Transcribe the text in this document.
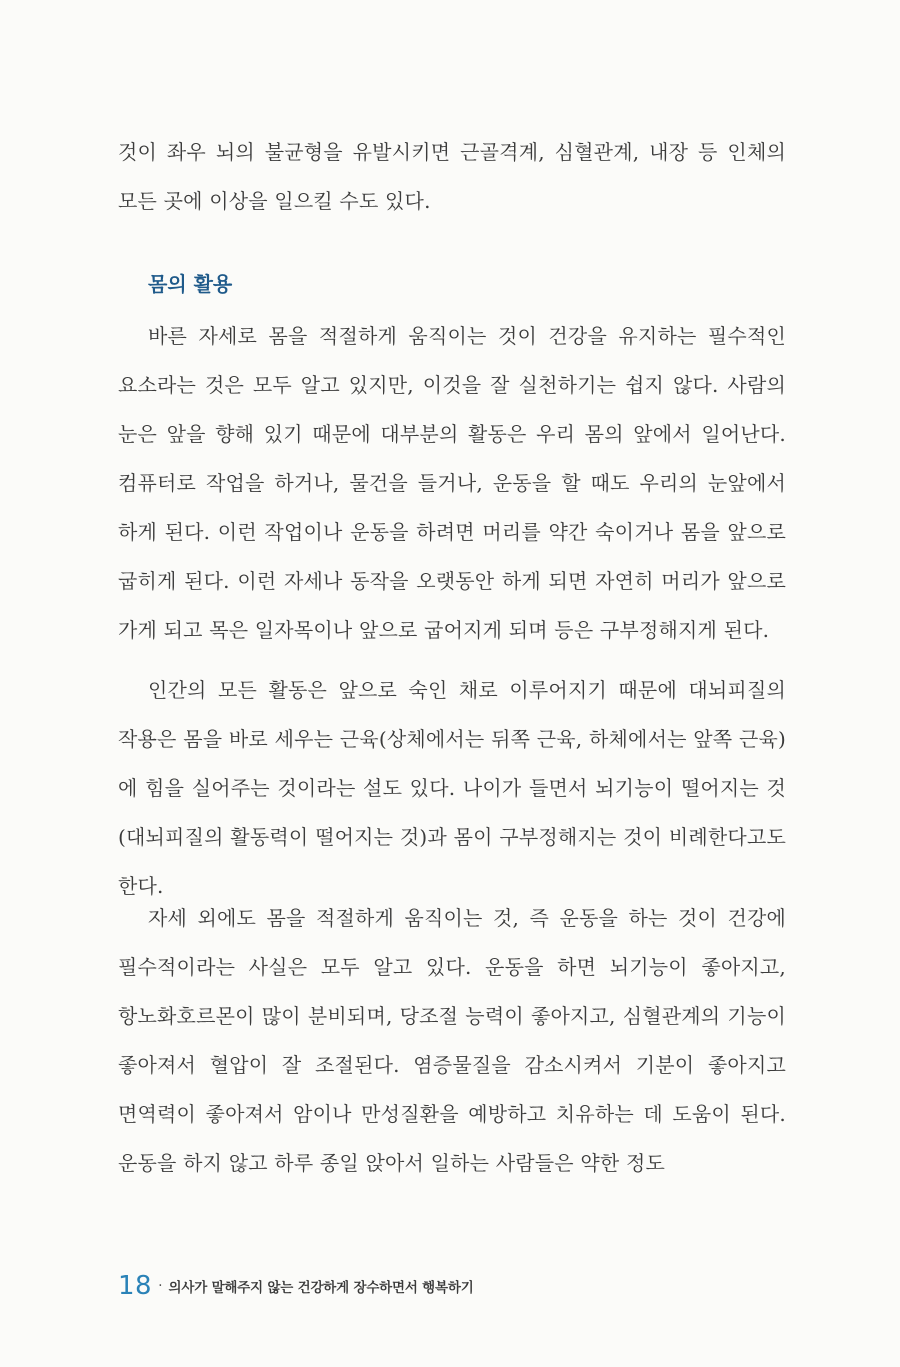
것이 좌우 뇌의 불균형을 유발시키면 근골격계, 심혈관계, 내장 등 인체의 모든 곳에 이상을 일으킬 수도 있다.

몸의 활용

바른 자세로 몸을 적절하게 움직이는 것이 건강을 유지하는 필수적인 요소라는 것은 모두 알고 있지만, 이것을 잘 실천하기는 쉽지 않다. 사람의 눈은 앞을 향해 있기 때문에 대부분의 활동은 우리 몸의 앞에서 일어난다. 컴퓨터로 작업을 하거나, 물건을 들거나, 운동을 할 때도 우리의 눈앞에서 하게 된다. 이런 작업이나 운동을 하려면 머리를 약간 숙이거나 몸을 앞으로 굽히게 된다. 이런 자세나 동작을 오랫동안 하게 되면 자연히 머리가 앞으로 가게 되고 목은 일자목이나 앞으로 굽어지게 되며 등은 구부정해지게 된다.

인간의 모든 활동은 앞으로 숙인 채로 이루어지기 때문에 대뇌피질의 작용은 몸을 바로 세우는 근육(상체에서는 뒤쪽 근육, 하체에서는 앞쪽 근육)에 힘을 실어주는 것이라는 설도 있다. 나이가 들면서 뇌기능이 떨어지는 것(대뇌피질의 활동력이 떨어지는 것)과 몸이 구부정해지는 것이 비례한다고도 한다.

자세 외에도 몸을 적절하게 움직이는 것, 즉 운동을 하는 것이 건강에 필수적이라는 사실은 모두 알고 있다. 운동을 하면 뇌기능이 좋아지고, 항노화호르몬이 많이 분비되며, 당조절 능력이 좋아지고, 심혈관계의 기능이 좋아져서 혈압이 잘 조절된다. 염증물질을 감소시켜서 기분이 좋아지고 면역력이 좋아져서 암이나 만성질환을 예방하고 치유하는 데 도움이 된다. 운동을 하지 않고 하루 종일 앉아서 일하는 사람들은 약한 정도

18 · 의사가 말해주지 않는 건강하게 장수하면서 행복하기
